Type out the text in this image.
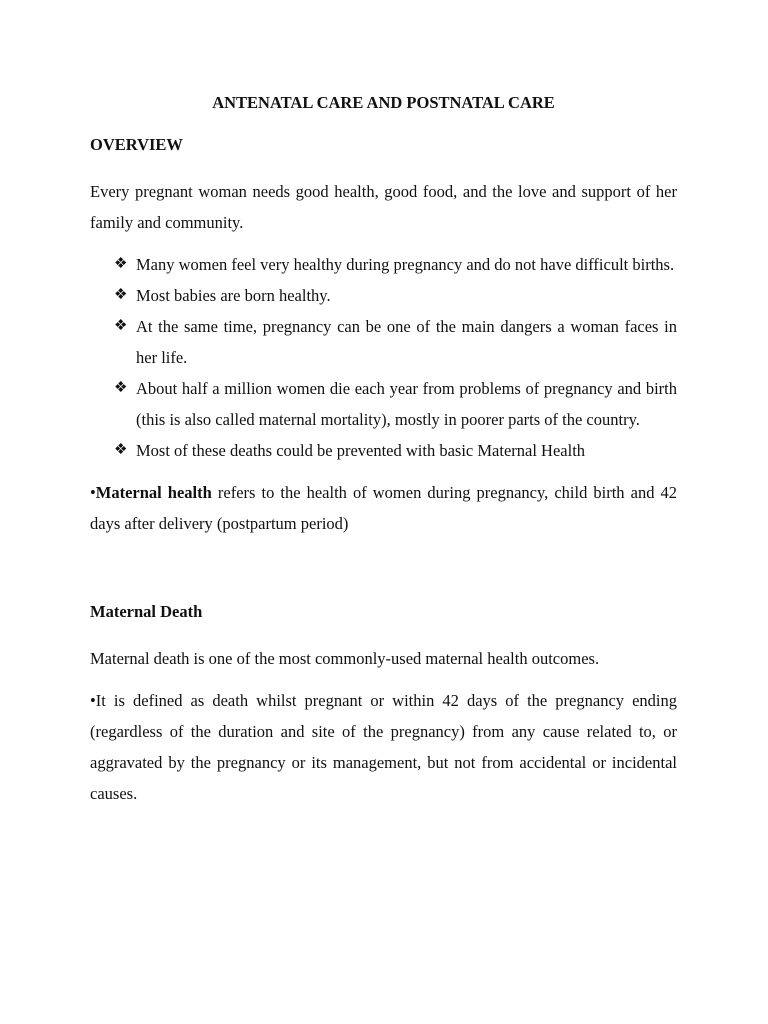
ANTENATAL CARE AND POSTNATAL CARE
OVERVIEW

Every pregnant woman needs good health, good food, and the love and support of her family and community.

❖ Many women feel very healthy during pregnancy and do not have difficult births.
❖ Most babies are born healthy.
❖ At the same time, pregnancy can be one of the main dangers a woman faces in her life.
❖ About half a million women die each year from problems of pregnancy and birth (this is also called maternal mortality), mostly in poorer parts of the country.
❖ Most of these deaths could be prevented with basic Maternal Health

•Maternal health refers to the health of women during pregnancy, child birth and 42 days after delivery (postpartum period)

Maternal Death

Maternal death is one of the most commonly-used maternal health outcomes.

•It is defined as death whilst pregnant or within 42 days of the pregnancy ending (regardless of the duration and site of the pregnancy) from any cause related to, or aggravated by the pregnancy or its management, but not from accidental or incidental causes.
